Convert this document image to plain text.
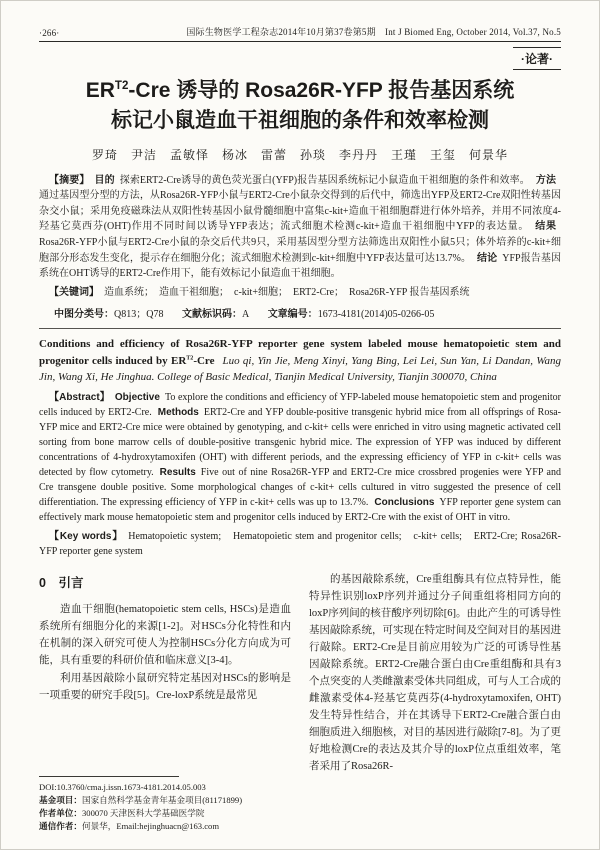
·266·	国际生物医学工程杂志2014年10月第37卷第5期　Int J Biomed Eng, October 2014, Vol.37, No.5
·论著·
$ER^{T2}$-Cre 诱导的 Rosa26R-YFP 报告基因系统
标记小鼠造血干祖细胞的条件和效率检测
罗琦　尹洁　孟敏怿　杨冰　雷蕾　孙琰　李丹丹　王瑾　王玺　何景华

【摘要】 目的 探索ERT2-Cre诱导的黄色荧光蛋白(YFP)报告基因系统标记小鼠造血干祖细胞的条件和效率。 方法通过基因型分型的方法，从Rosa26R-YFP小鼠与ERT2-Cre小鼠杂交得到的后代中，筛选出YFP及ERT2-Cre双阳性转基因杂交小鼠；采用免疫磁珠法从双阳性转基因小鼠骨髓细胞中富集c-kit+造血干祖细胞群进行体外培养，并用不同浓度4-羟基它莫西芬(OHT)作用不同时间以诱导YFP表达；流式细胞术检测c-kit+造血干祖细胞中YFP的表达量。 结果Rosa26R-YFP小鼠与ERT2-Cre小鼠的杂交后代共9只，采用基因型分型方法筛选出双阳性小鼠5只；体外培养的c-kit+细胞部分形态发生变化，提示存在细胞分化；流式细胞术检测到c-kit+细胞中YFP表达量可达13.7%。 结论 YFP报告基因系统在OHT诱导的ERT2-Cre作用下，能有效标记小鼠造血干祖细胞。

【关键词】 造血系统；　造血干祖细胞；　c-kit+细胞；　ERT2-Cre；　Rosa26R-YFP 报告基因系统

中图分类号：Q813；Q78 文献标识码：A 文章编号：1673-4181(2014)05-0266-05

Conditions and efficiency of Rosa26R-YFP reporter gene system labeled mouse hematopoietic stem and progenitor cells induced by $ER^{T2}$-Cre Luo qi, Yin Jie, Meng Xinyi, Yang Bing, Lei Lei, Sun Yan, Li Dandan, Wang Jin, Wang Xi, He Jinghua. College of Basic Medical, Tianjin Medical University, Tianjin 300070, China

【Abstract】 Objective To explore the conditions and efficiency of YFP-labeled mouse hematopoietic stem and progenitor cells induced by ERT2-Cre. Methods ERT2-Cre and YFP double-positive transgenic hybrid mice from all offsprings of Rosa-YFP mice and ERT2-Cre mice were obtained by genotyping, and c-kit+ cells were enriched in vitro using magnetic activated cell sorting from bone marrow cells of double-positive transgenic hybrid mice. The expression of YFP was induced by different concentrations of 4-hydroxytamoxifen (OHT) with different periods, and the expressing efficiency of YFP in c-kit+ cells was detected by flow cytometry. Results Five out of nine Rosa26R-YFP and ERT2-Cre mice crossbred progenies were YFP and Cre transgene double positive. Some morphological changes of c-kit+ cells cultured in vitro suggested the presence of cell differentiation. The expressing efficiency of YFP in c-kit+ cells was up to 13.7%. Conclusions YFP reporter gene system can effectively mark mouse hematopoietic stem and progenitor cells induced by ERT2-Cre with the exist of OHT in vitro.

【Key words】 Hematopoietic system;　Hematopoietic stem and progenitor cells;　c-kit+ cells;　ERT2-Cre; Rosa26R-YFP reporter gene system

0 引言

造血干细胞(hematopoietic stem cells, HSCs)是造血系统所有细胞分化的来源[1-2]。对HSCs分化特性和内在机制的深入研究可使人为控制HSCs分化方向成为可能，具有重要的科研价值和临床意义[3-4]。

利用基因敲除小鼠研究特定基因对HSCs的影响是一项重要的研究手段[5]。Cre-loxP系统是最常见

DOI:10.3760/cma.j.issn.1673-4181.2014.05.003
基金项目：国家自然科学基金青年基金项目(81171899)
作者单位：300070 天津医科大学基础医学院
通信作者：何景华，Email:hejinghuacn@163.com

的基因敲除系统，Cre重组酶具有位点特异性，能特异性识别loxP序列并通过分子间重组将相同方向的loxP序列间的核苷酸序列切除[6]。由此产生的可诱导性基因敲除系统，可实现在特定时间及空间对目的基因进行敲除。ERT2-Cre是目前应用较为广泛的可诱导性基因敲除系统。ERT2-Cre融合蛋白由Cre重组酶和具有3个点突变的人类雌激素受体共同组成，可与人工合成的雌激素受体4-羟基它莫西芬(4-hydroxytamoxifen, OHT)发生特异性结合，并在其诱导下ERT2-Cre融合蛋白由细胞质进入细胞核，对目的基因进行敲除[7-8]。为了更好地检测Cre的表达及其介导的loxP位点重组效率，笔者采用了Rosa26R-
